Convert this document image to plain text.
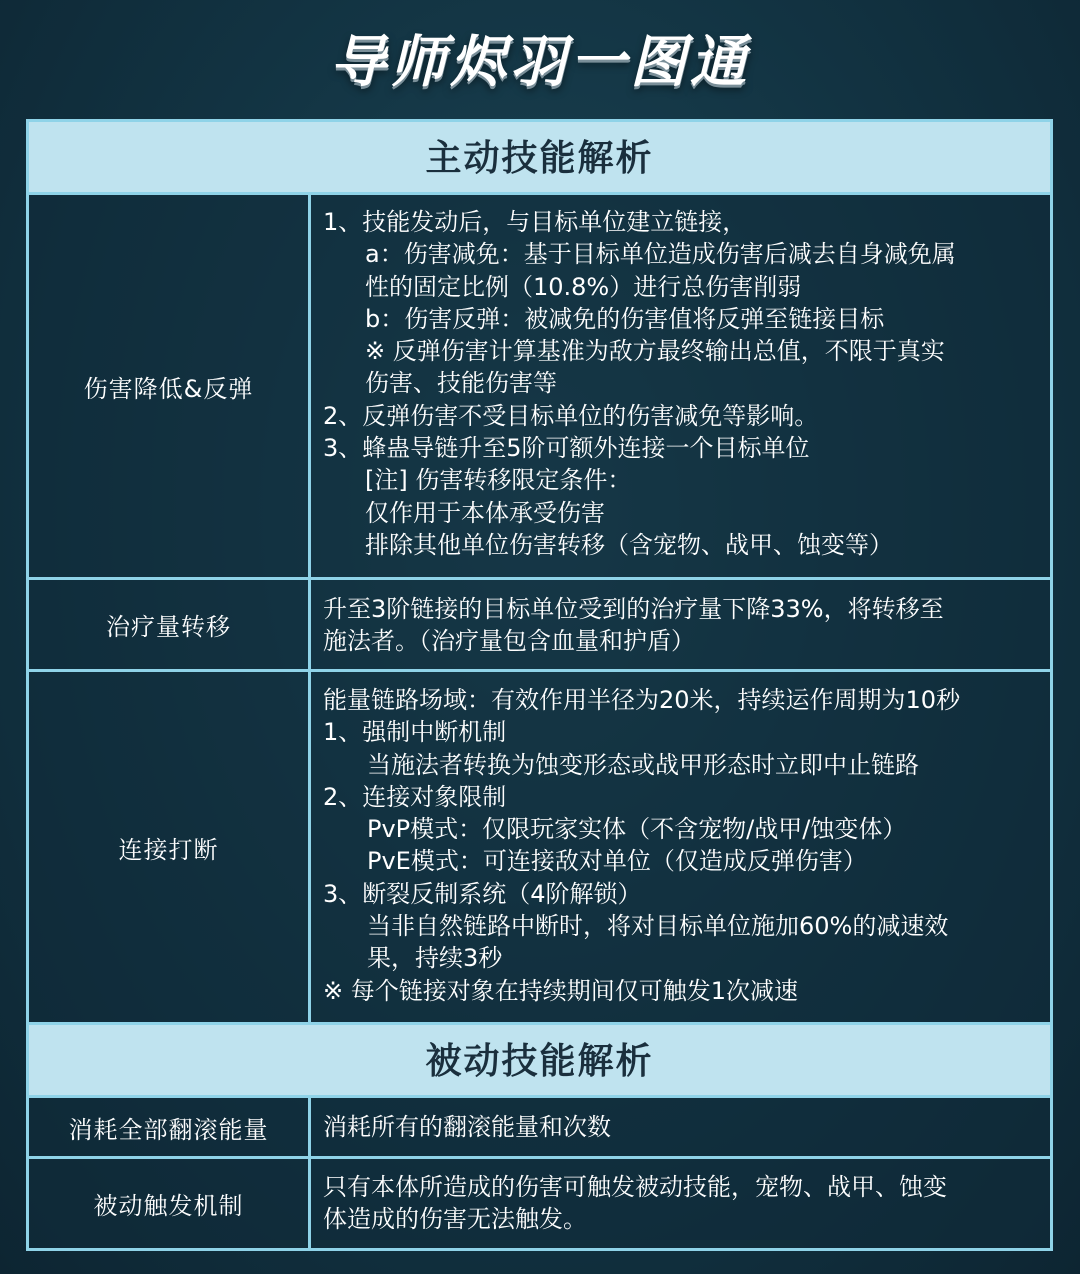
导师烬羽一图通
主动技能解析
伤害降低&反弹
1、技能发动后，与目标单位建立链接，
a：伤害减免：基于目标单位造成伤害后减去自身减免属
性的固定比例（10.8%）进行总伤害削弱
b：伤害反弹：被减免的伤害值将反弹至链接目标
※ 反弹伤害计算基准为敌方最终输出总值，不限于真实
伤害、技能伤害等
2、反弹伤害不受目标单位的伤害减免等影响。
3、蜂蛊导链升至5阶可额外连接一个目标单位
[注] 伤害转移限定条件：
仅作用于本体承受伤害
排除其他单位伤害转移（含宠物、战甲、蚀变等）
治疗量转移
升至3阶链接的目标单位受到的治疗量下降33%，将转移至
施法者。（治疗量包含血量和护盾）
连接打断
能量链路场域：有效作用半径为20米，持续运作周期为10秒
1、强制中断机制
当施法者转换为蚀变形态或战甲形态时立即中止链路
2、连接对象限制
PvP模式：仅限玩家实体（不含宠物/战甲/蚀变体）
PvE模式：可连接敌对单位（仅造成反弹伤害）
3、断裂反制系统（4阶解锁）
当非自然链路中断时，将对目标单位施加60%的减速效
果，持续3秒
※ 每个链接对象在持续期间仅可触发1次减速
被动技能解析
消耗全部翻滚能量	消耗所有的翻滚能量和次数
被动触发机制
只有本体所造成的伤害可触发被动技能，宠物、战甲、蚀变
体造成的伤害无法触发。
